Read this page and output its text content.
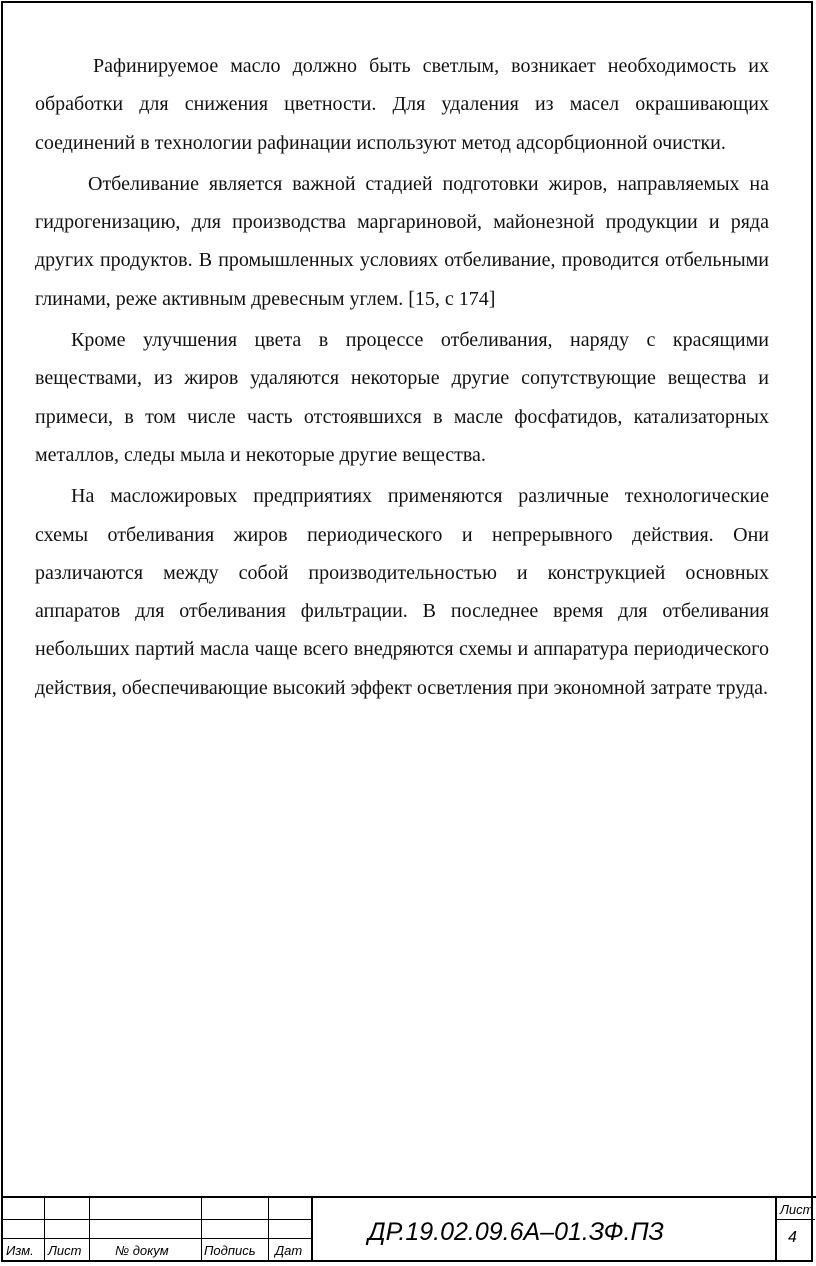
Рафинируемое масло должно быть светлым, возникает необходимость их обработки для снижения цветности. Для удаления из масел окрашивающих соединений в технологии рафинации используют метод адсорбционной очистки.

Отбеливание является важной стадией подготовки жиров, направляемых на гидрогенизацию, для производства маргариновой, майонезной продукции и ряда других продуктов. В промышленных условиях отбеливание, проводится отбельными глинами, реже активным древесным углем. [15, с 174]

Кроме улучшения цвета в процессе отбеливания, наряду с красящими веществами, из жиров удаляются некоторые другие сопутствующие вещества и примеси, в том числе часть отстоявшихся в масле фосфатидов, катализаторных металлов, следы мыла и некоторые другие вещества.

На масложировых предприятиях применяются различные технологические схемы отбеливания жиров периодического и непрерывного действия. Они различаются между собой производительностью и конструкцией основных аппаратов для отбеливания фильтрации. В последнее время для отбеливания небольших партий масла чаще всего внедряются схемы и аппаратура периодического действия, обеспечивающие высокий эффект осветления при экономной затрате труда.

Изм. Лист	№ докум	Подпись Дат
ДР.19.02.09.6А–01.ЗФ.ПЗ
Лист
4
